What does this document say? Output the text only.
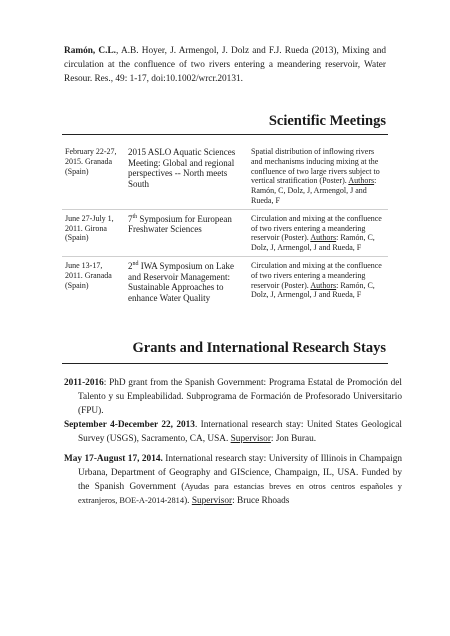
Ramón, C.L., A.B. Hoyer, J. Armengol, J. Dolz and F.J. Rueda (2013), Mixing and circulation at the confluence of two rivers entering a meandering reservoir, Water Resour. Res., 49: 1-17, doi:10.1002/wrcr.20131.

Scientific Meetings
February 22-27, 2015. Granada (Spain)	2015 ASLO Aquatic Sciences Meeting: Global and regional perspectives -- North meets South	Spatial distribution of inflowing rivers and mechanisms inducing mixing at the confluence of two large rivers subject to vertical stratification (Poster). Authors: Ramón, C, Dolz, J, Armengol, J and Rueda, F
June 27-July 1, 2011. Girona (Spain)	7th Symposium for European Freshwater Sciences	Circulation and mixing at the confluence of two rivers entering a meandering reservoir (Poster). Authors: Ramón, C, Dolz, J, Armengol, J and Rueda, F
June 13-17, 2011. Granada (Spain)	2nd IWA Symposium on Lake and Reservoir Management: Sustainable Approaches to enhance Water Quality	Circulation and mixing at the confluence of two rivers entering a meandering reservoir (Poster). Authors: Ramón, C, Dolz, J, Armengol, J and Rueda, F
Grants and International Research Stays

2011-2016: PhD grant from the Spanish Government: Programa Estatal de Promoción del Talento y su Empleabilidad. Subprograma de Formación de Profesorado Universitario (FPU).

September 4-December 22, 2013. International research stay: United States Geological Survey (USGS), Sacramento, CA, USA. Supervisor: Jon Burau.

May 17-August 17, 2014. International research stay: University of Illinois in Champaign Urbana, Department of Geography and GIScience, Champaign, IL, USA. Funded by the Spanish Government (Ayudas para estancias breves en otros centros españoles y extranjeros, BOE-A-2014-2814). Supervisor: Bruce Rhoads
